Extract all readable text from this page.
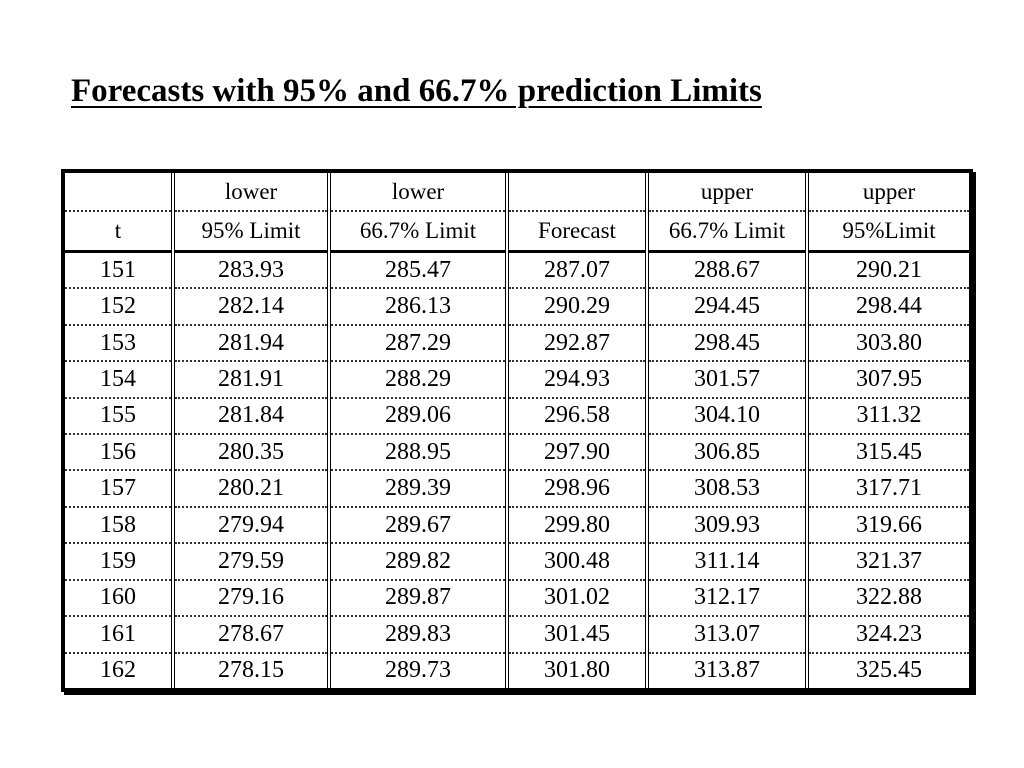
Forecasts with 95% and 66.7% prediction Limits
	lower	lower		upper	upper
t	95% Limit	66.7% Limit	Forecast	66.7% Limit	95%Limit
151	283.93	285.47	287.07	288.67	290.21
152	282.14	286.13	290.29	294.45	298.44
153	281.94	287.29	292.87	298.45	303.80
154	281.91	288.29	294.93	301.57	307.95
155	281.84	289.06	296.58	304.10	311.32
156	280.35	288.95	297.90	306.85	315.45
157	280.21	289.39	298.96	308.53	317.71
158	279.94	289.67	299.80	309.93	319.66
159	279.59	289.82	300.48	311.14	321.37
160	279.16	289.87	301.02	312.17	322.88
161	278.67	289.83	301.45	313.07	324.23
162	278.15	289.73	301.80	313.87	325.45
